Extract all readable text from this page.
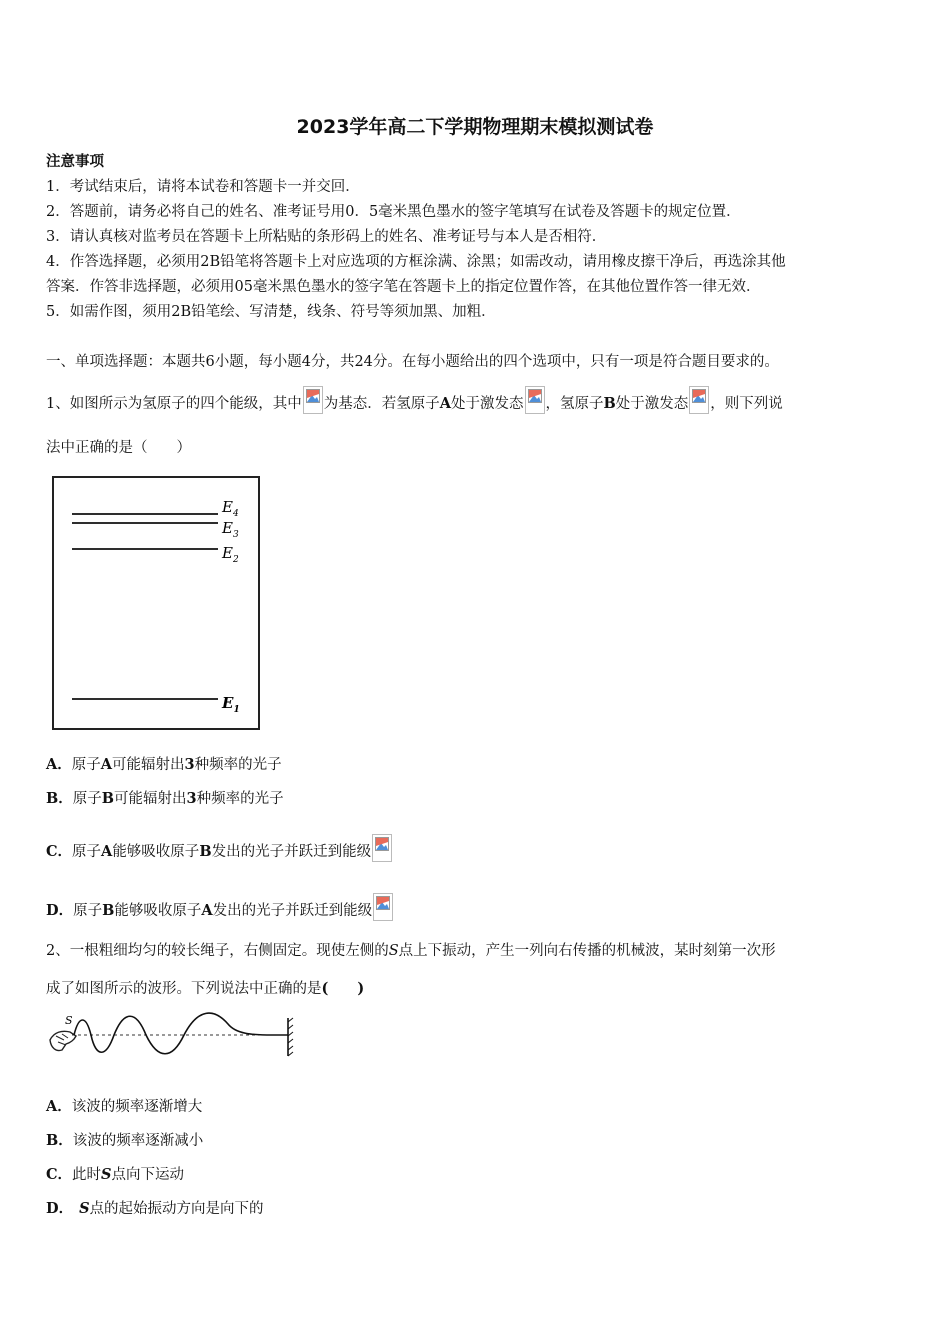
2023学年高二下学期物理期末模拟测试卷
注意事项
1．考试结束后，请将本试卷和答题卡一并交回．
2．答题前，请务必将自己的姓名、准考证号用0．5毫米黑色墨水的签字笔填写在试卷及答题卡的规定位置．
3．请认真核对监考员在答题卡上所粘贴的条形码上的姓名、准考证号与本人是否相符．
4．作答选择题，必须用2B铅笔将答题卡上对应选项的方框涂满、涂黑；如需改动，请用橡皮擦干净后，再选涂其他
答案．作答非选择题，必须用05毫米黑色墨水的签字笔在答题卡上的指定位置作答，在其他位置作答一律无效．
5．如需作图，须用2B铅笔绘、写清楚，线条、符号等须加黑、加粗．
一、单项选择题：本题共6小题，每小题4分，共24分。在每小题给出的四个选项中，只有一项是符合题目要求的。
1、如图所示为氢原子的四个能级，其中 为基态．若氢原子A处于激发态 ，氢原子B处于激发态 ，则下列说
法中正确的是（　　）
$E_4$
$E_3$
$E_2$
$E_1$
A．原子A可能辐射出3种频率的光子
B．原子B可能辐射出3种频率的光子
C．原子A能够吸收原子B发出的光子并跃迁到能级
D．原子B能够吸收原子A发出的光子并跃迁到能级
2、一根粗细均匀的较长绳子，右侧固定。现使左侧的S点上下振动，产生一列向右传播的机械波，某时刻第一次形
成了如图所示的波形。下列说法中正确的是(　　)
S
A．该波的频率逐渐增大
B．该波的频率逐渐减小
C．此时S点向下运动
D． S点的起始振动方向是向下的
